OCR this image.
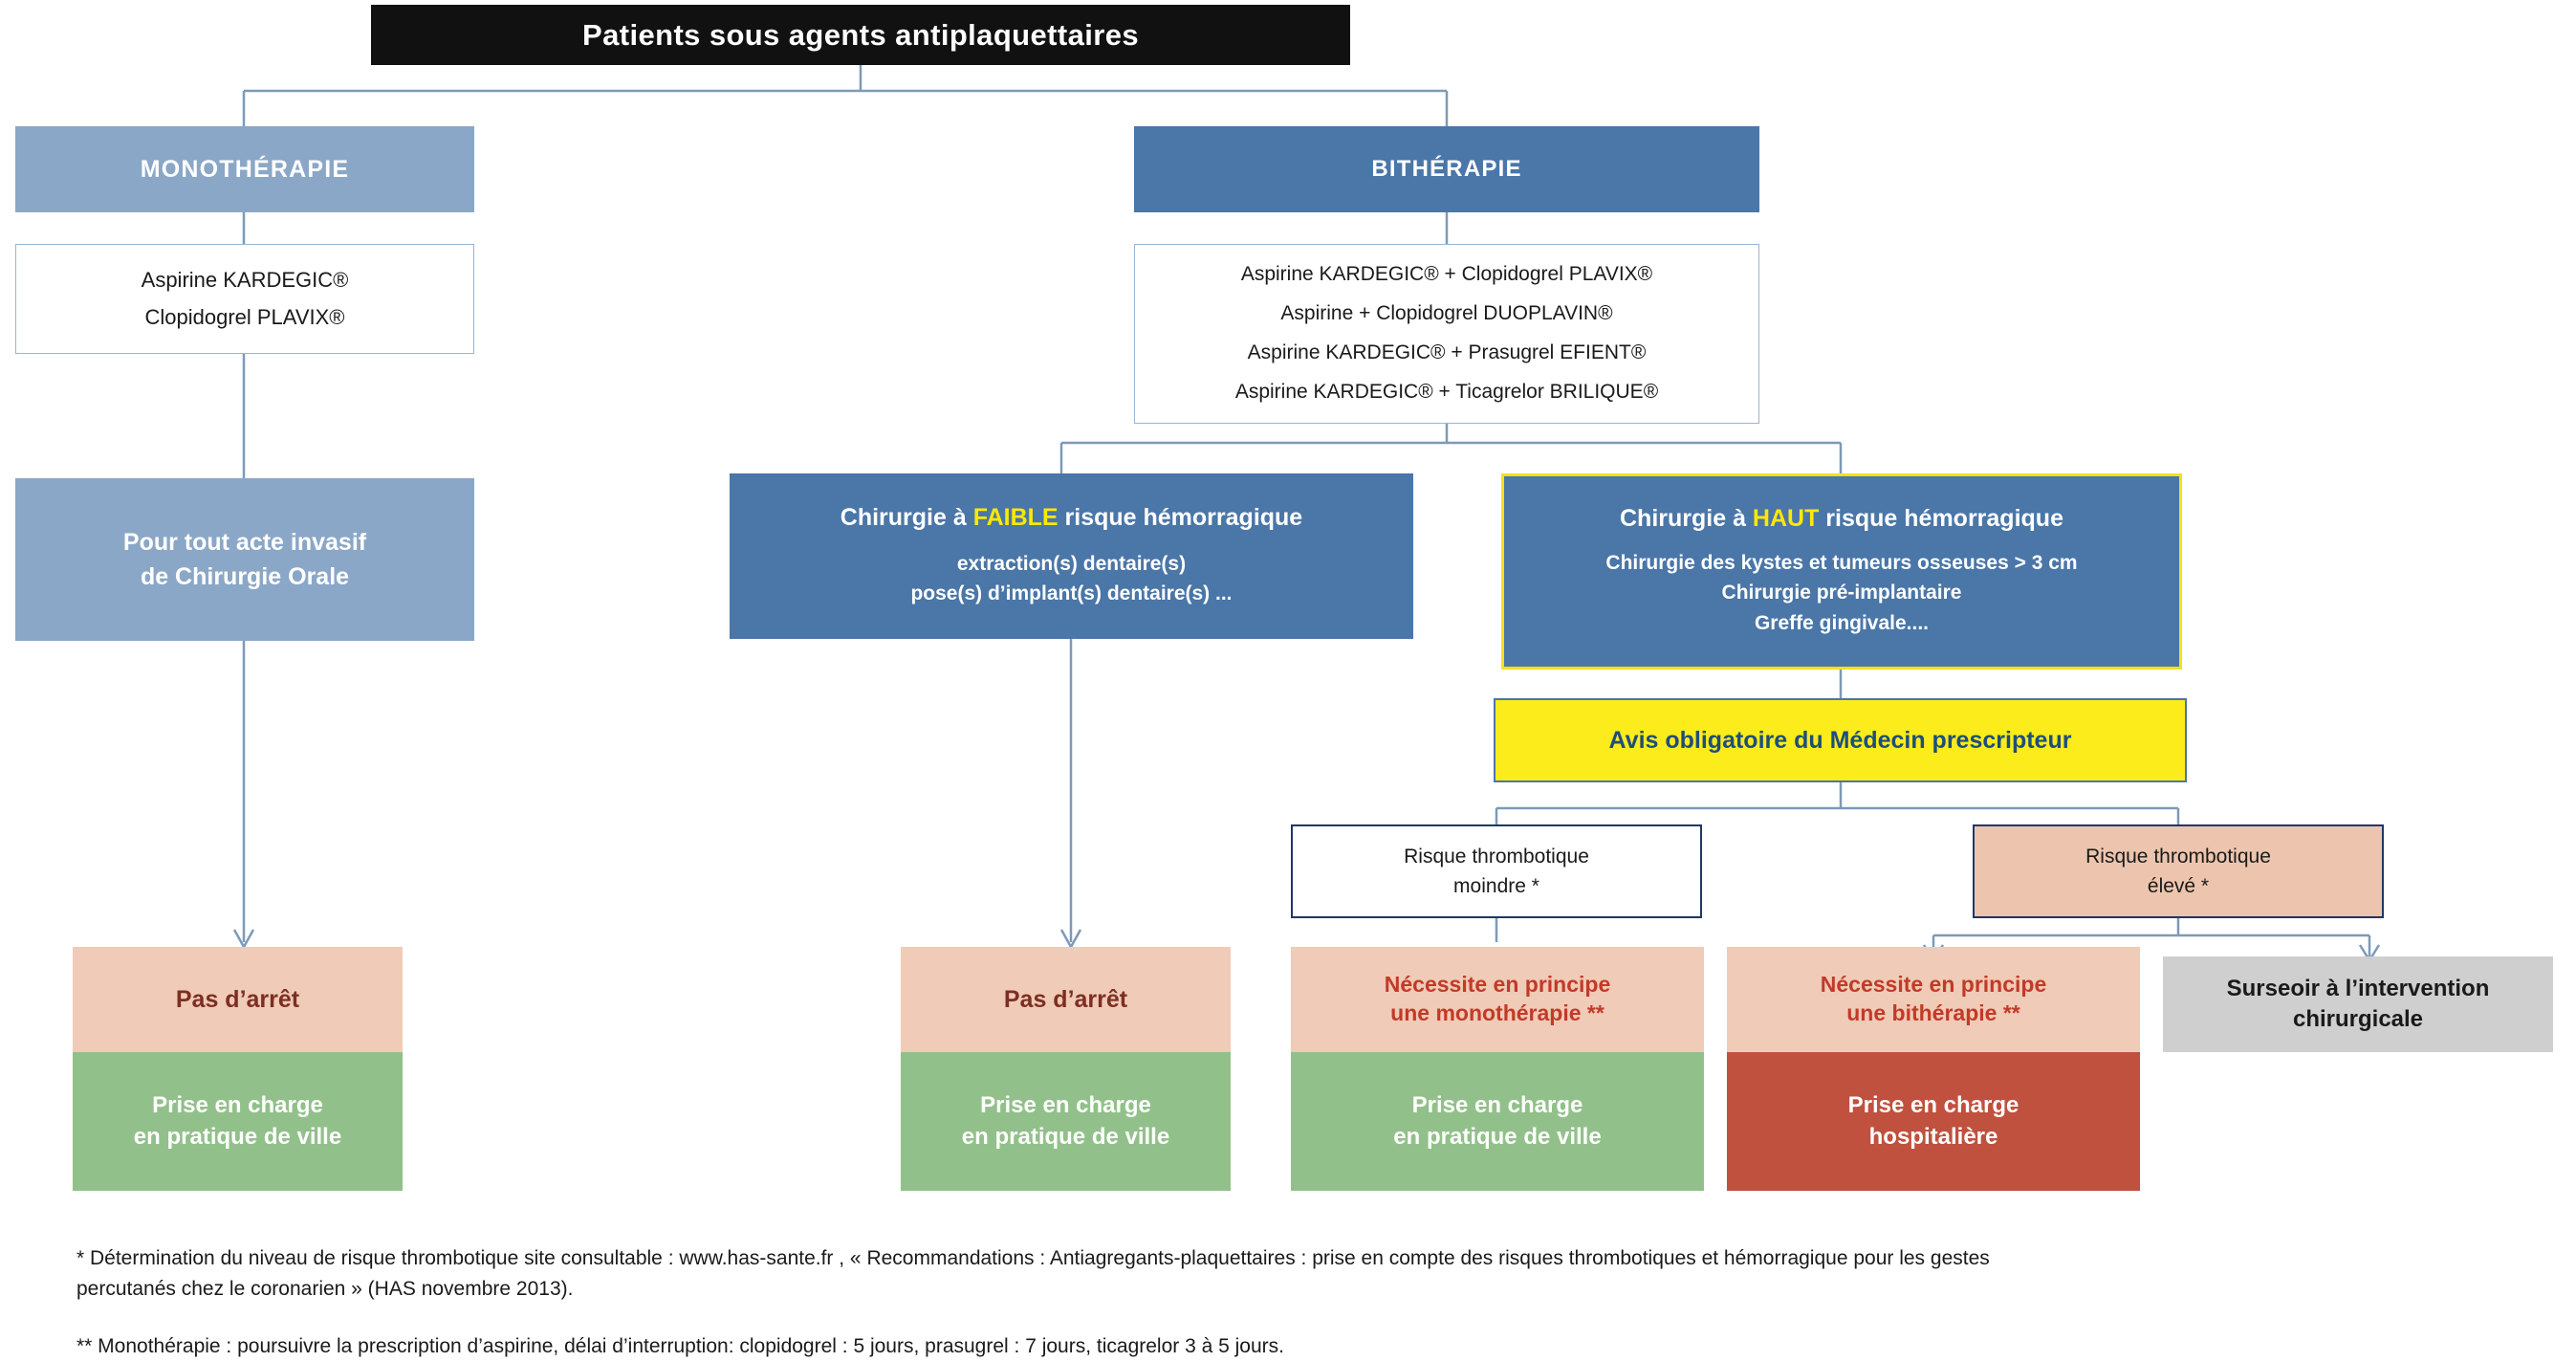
Patients sous agents antiplaquettaires
MONOTHÉRAPIE
Aspirine KARDEGIC®
Clopidogrel PLAVIX®
Pour tout acte invasif
de Chirurgie Orale
BITHÉRAPIE
Aspirine KARDEGIC® + Clopidogrel PLAVIX®
Aspirine + Clopidogrel DUOPLAVIN®
Aspirine KARDEGIC® + Prasugrel EFIENT®
Aspirine KARDEGIC® + Ticagrelor BRILIQUE®
Chirurgie à FAIBLE risque hémorragique
extraction(s) dentaire(s)
pose(s) d’implant(s) dentaire(s) ...
Chirurgie à HAUT risque hémorragique
Chirurgie des kystes et tumeurs osseuses > 3 cm
Chirurgie pré-implantaire
Greffe gingivale....
Avis obligatoire du Médecin prescripteur
Risque thrombotique
moindre *
Risque thrombotique
élevé *
Pas d’arrêt
Prise en charge
en pratique de ville
Pas d’arrêt
Prise en charge
en pratique de ville
Nécessite en principe
une monothérapie **
Prise en charge
en pratique de ville
Nécessite en principe
une bithérapie **
Prise en charge
hospitalière
Surseoir à l’intervention
chirurgicale
* Détermination du niveau de risque thrombotique site consultable : www.has-sante.fr , « Recommandations : Antiagregants-plaquettaires : prise en compte des risques thrombotiques et hémorragique pour les gestes
percutanés chez le coronarien » (HAS novembre 2013).
** Monothérapie : poursuivre la prescription d’aspirine, délai d’interruption: clopidogrel : 5 jours, prasugrel : 7 jours, ticagrelor 3 à 5 jours.
